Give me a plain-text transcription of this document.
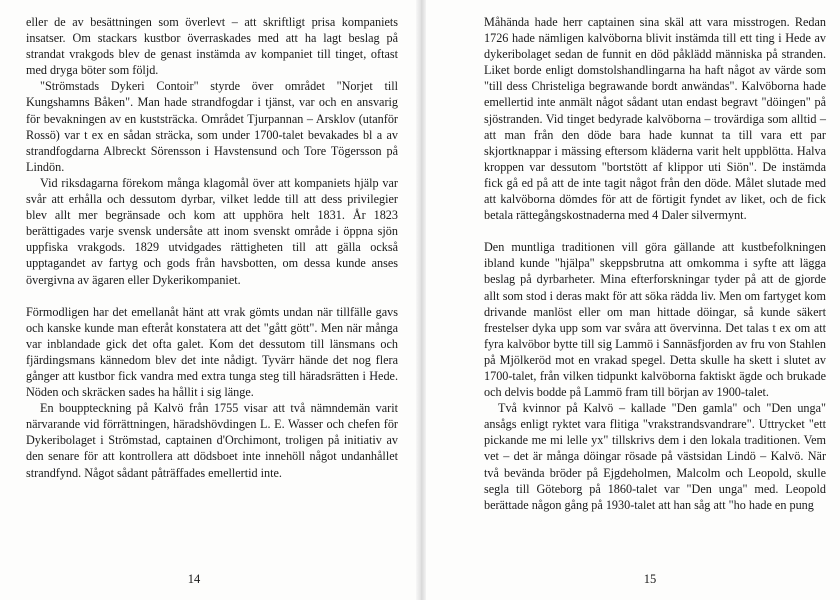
eller de av besättningen som överlevt – att skriftligt prisa kompaniets insatser. Om stackars kustbor överraskades med att ha lagt beslag på strandat vrakgods blev de genast instämda av kompaniet till tinget, oftast med dryga böter som följd.

"Strömstads Dykeri Contoir" styrde över området "Norjet till Kungshamns Båken". Man hade strandfogdar i tjänst, var och en ansvarig för bevakningen av en kuststräcka. Området Tjurpannan – Arsklov (utanför Rossö) var t ex en sådan sträcka, som under 1700-talet bevakades bl a av strandfogdarna Albreckt Sörensson i Havstensund och Tore Tögersson på Lindön.

Vid riksdagarna förekom många klagomål över att kompaniets hjälp var svår att erhålla och dessutom dyrbar, vilket ledde till att dess privilegier blev allt mer begränsade och kom att upphöra helt 1831. År 1823 berättigades varje svensk undersåte att inom svenskt område i öppna sjön uppfiska vrakgods. 1829 utvidgades rättigheten till att gälla också upptagandet av fartyg och gods från havsbotten, om dessa kunde anses övergivna av ägaren eller Dykerikompaniet.

Förmodligen har det emellanåt hänt att vrak gömts undan när tillfälle gavs och kanske kunde man efteråt konstatera att det "gått gött". Men när många var inblandade gick det ofta galet. Kom det dessutom till länsmans och fjärdingsmans kännedom blev det inte nådigt. Tyvärr hände det nog flera gånger att kustbor fick vandra med extra tunga steg till häradsrätten i Hede. Nöden och skräcken sades ha hållit i sig länge.

En bouppteckning på Kalvö från 1755 visar att två nämndemän varit närvarande vid förrättningen, häradshövdingen L. E. Wasser och chefen för Dykeribolaget i Strömstad, captainen d'Orchimont, troligen på initiativ av den senare för att kontrollera att dödsboet inte innehöll något undanhållet strandfynd. Något sådant påträffades emellertid inte.

14

Måhända hade herr captainen sina skäl att vara misstrogen. Redan 1726 hade nämligen kalvöborna blivit instämda till ett ting i Hede av dykeribolaget sedan de funnit en död påklädd människa på stranden. Liket borde enligt domstolshandlingarna ha haft något av värde som "till dess Christeliga begrawande bordt anwändas". Kalvöborna hade emellertid inte anmält något sådant utan endast begravt "döingen" på sjöstranden. Vid tinget bedyrade kalvöborna – trovärdiga som alltid – att man från den döde bara hade kunnat ta till vara ett par skjortknappar i mässing eftersom kläderna varit helt uppblötta. Halva kroppen var dessutom "bortstött af klippor uti Siön". De instämda fick gå ed på att de inte tagit något från den döde. Målet slutade med att kalvöborna dömdes för att de förtigit fyndet av liket, och de fick betala rättegångskostnaderna med 4 Daler silvermynt.

Den muntliga traditionen vill göra gällande att kustbefolkningen ibland kunde "hjälpa" skeppsbrutna att omkomma i syfte att lägga beslag på dyrbarheter. Mina efterforskningar tyder på att de gjorde allt som stod i deras makt för att söka rädda liv. Men om fartyget kom drivande manlöst eller om man hittade döingar, så kunde säkert frestelser dyka upp som var svåra att övervinna. Det talas t ex om att fyra kalvöbor bytte till sig Lammö i Sannäsfjorden av fru von Stahlen på Mjölkeröd mot en vrakad spegel. Detta skulle ha skett i slutet av 1700-talet, från vilken tidpunkt kalvöborna faktiskt ägde och brukade och delvis bodde på Lammö fram till början av 1900-talet.

Två kvinnor på Kalvö – kallade "Den gamla" och "Den unga" ansågs enligt ryktet vara flitiga "vrakstrandsvandrare". Uttrycket "ett pickande me mi lelle yx" tillskrivs dem i den lokala traditionen. Vem vet – det är många döingar rösade på västsidan Lindö – Kalvö. När två bevända bröder på Ejgdeholmen, Malcolm och Leopold, skulle segla till Göteborg på 1860-talet var "Den unga" med. Leopold berättade någon gång på 1930-talet att han såg att "ho hade en pung

15
